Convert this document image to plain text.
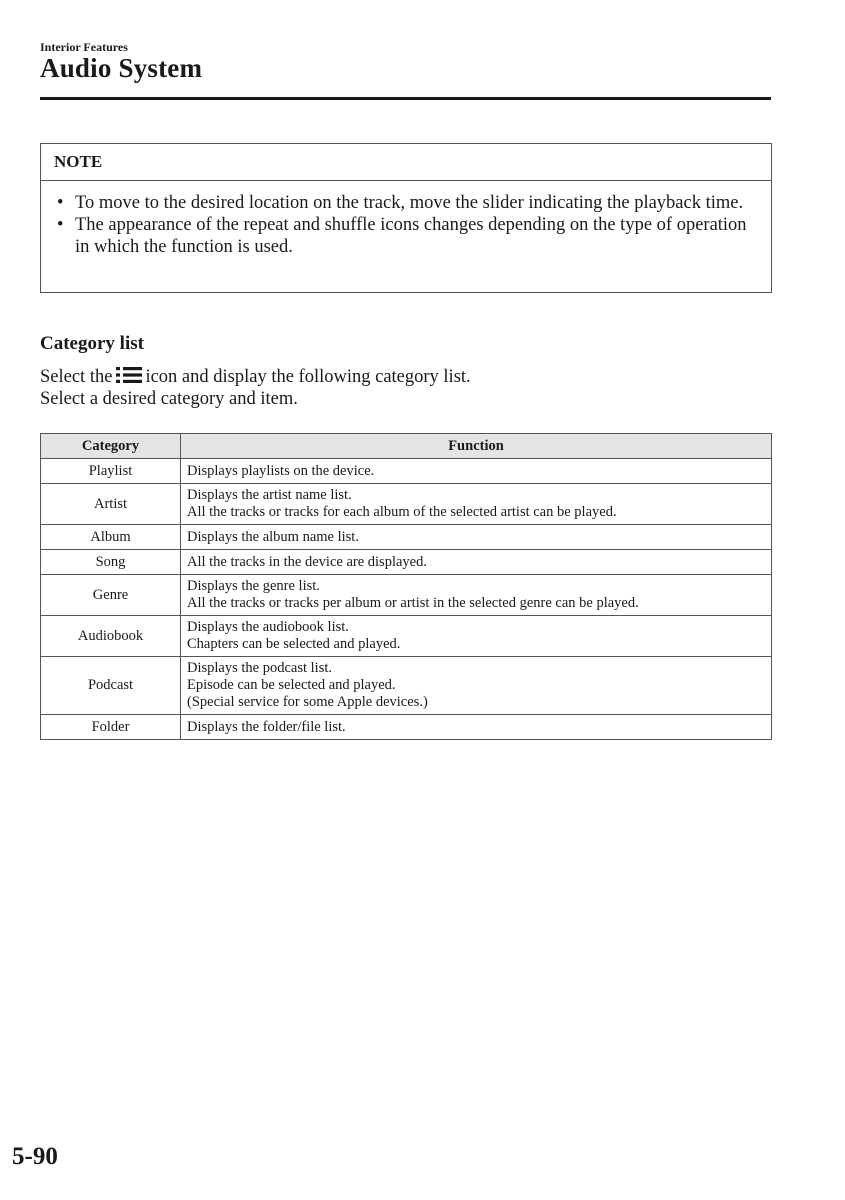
Interior Features
Audio System
NOTE
• To move to the desired location on the track, move the slider indicating the playback time.
• The appearance of the repeat and shuffle icons changes depending on the type of operation in which the function is used.
Category list
Select the icon and display the following category list.
Select a desired category and item.
Category	Function
Playlist	Displays playlists on the device.

Artist	Displays the artist name list.
All the tracks or tracks for each album of the selected artist can be played.

Album	Displays the album name list.

Song	All the tracks in the device are displayed.

Genre	Displays the genre list.
All the tracks or tracks per album or artist in the selected genre can be played.

Audiobook	Displays the audiobook list.
Chapters can be selected and played.

Podcast	Displays the podcast list.
Episode can be selected and played.
(Special service for some Apple devices.)

Folder	Displays the folder/file list.
5-90
